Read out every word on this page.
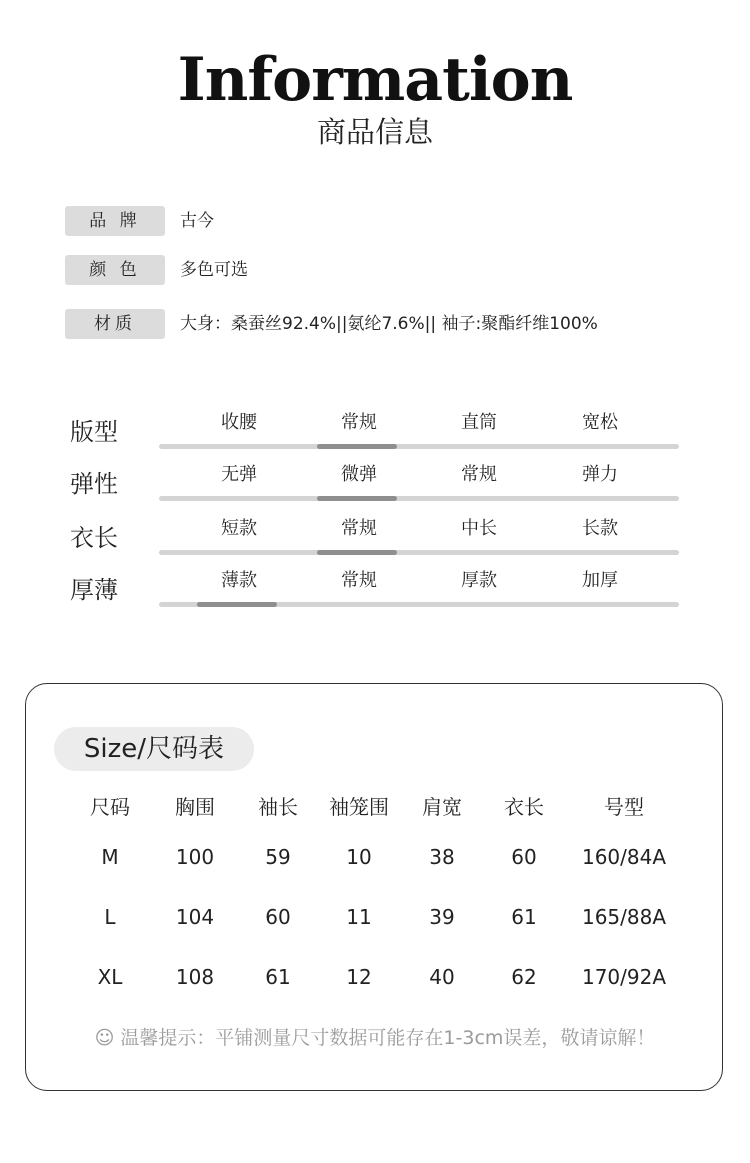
Information
商品信息
品 牌	古今
颜 色	多色可选
材质	大身：桑蚕丝92.4%||氨纶7.6%|| 袖子:聚酯纤维100%
版型	收腰	常规	直筒	宽松
弹性	无弹	微弹	常规	弹力
衣长	短款	常规	中长	长款
厚薄	薄款	常规	厚款	加厚
Size/尺码表
尺码	胸围	袖长	袖笼围	肩宽	衣长	号型
M	100	59	10	38	60	160/84A
L	104	60	11	39	61	165/88A
XL	108	61	12	40	62	170/92A
☺ 温馨提示：平铺测量尺寸数据可能存在1-3cm误差，敬请谅解！
